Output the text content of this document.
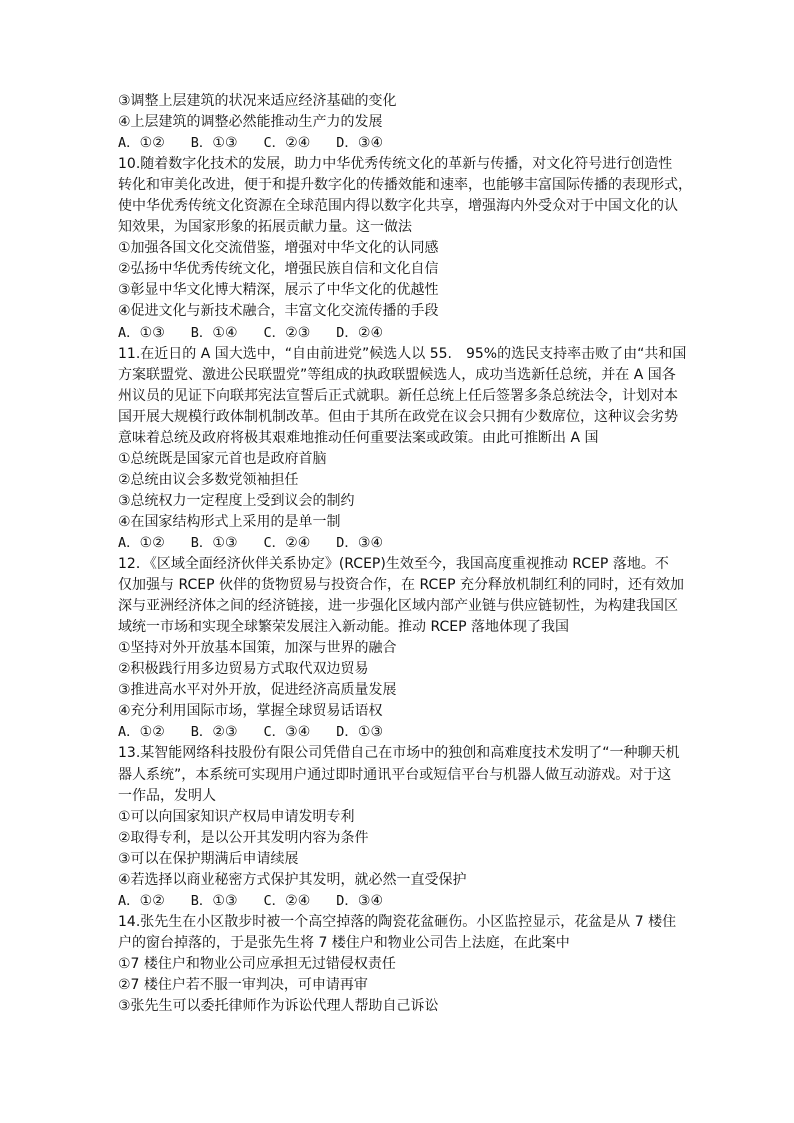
③调整上层建筑的状况来适应经济基础的变化
④上层建筑的调整必然能推动生产力的发展
A．①② B．①③ C．②④ D．③④
10.随着数字化技术的发展，助力中华优秀传统文化的革新与传播，对文化符号进行创造性
转化和审美化改进，便于和提升数字化的传播效能和速率，也能够丰富国际传播的表现形式，
使中华优秀传统文化资源在全球范围内得以数字化共享，增强海内外受众对于中国文化的认
知效果，为国家形象的拓展贡献力量。这一做法
①加强各国文化交流借鉴，增强对中华文化的认同感
②弘扬中华优秀传统文化，增强民族自信和文化自信
③彰显中华文化博大精深，展示了中华文化的优越性
④促进文化与新技术融合，丰富文化交流传播的手段
A．①③ B．①④ C．②③ D．②④
11.在近日的 A 国大选中，“自由前进党”候选人以 55.　95%的选民支持率击败了由“共和国
方案联盟党、激进公民联盟党”等组成的执政联盟候选人，成功当选新任总统，并在 A 国各
州议员的见证下向联邦宪法宣誓后正式就职。新任总统上任后签署多条总统法令，计划对本
国开展大规模行政体制机制改革。但由于其所在政党在议会只拥有少数席位，这种议会劣势
意味着总统及政府将极其艰难地推动任何重要法案或政策。由此可推断出 A 国
①总统既是国家元首也是政府首脑
②总统由议会多数党领袖担任
③总统权力一定程度上受到议会的制约
④在国家结构形式上采用的是单一制
A．①② B．①③ C．②④ D．③④
12．《区域全面经济伙伴关系协定》(RCEP)生效至今，我国高度重视推动 RCEP 落地。不
仅加强与 RCEP 伙伴的货物贸易与投资合作，在 RCEP 充分释放机制红利的同时，还有效加
深与亚洲经济体之间的经济链接，进一步强化区域内部产业链与供应链韧性，为构建我国区
域统一市场和实现全球繁荣发展注入新动能。推动 RCEP 落地体现了我国
①坚持对外开放基本国策，加深与世界的融合
②积极践行用多边贸易方式取代双边贸易
③推进高水平对外开放，促进经济高质量发展
④充分利用国际市场，掌握全球贸易话语权
A．①② B．②③ C．③④ D．①③
13.某智能网络科技股份有限公司凭借自己在市场中的独创和高难度技术发明了“一种聊天机
器人系统”，本系统可实现用户通过即时通讯平台或短信平台与机器人做互动游戏。对于这
一作品，发明人
①可以向国家知识产权局申请发明专利
②取得专利，是以公开其发明内容为条件
③可以在保护期满后申请续展
④若选择以商业秘密方式保护其发明，就必然一直受保护
A．①② B．①③ C．②④ D．③④
14.张先生在小区散步时被一个高空掉落的陶瓷花盆砸伤。小区监控显示，花盆是从 7 楼住
户的窗台掉落的，于是张先生将 7 楼住户和物业公司告上法庭，在此案中
①7 楼住户和物业公司应承担无过错侵权责任
②7 楼住户若不服一审判决，可申请再审
③张先生可以委托律师作为诉讼代理人帮助自己诉讼
